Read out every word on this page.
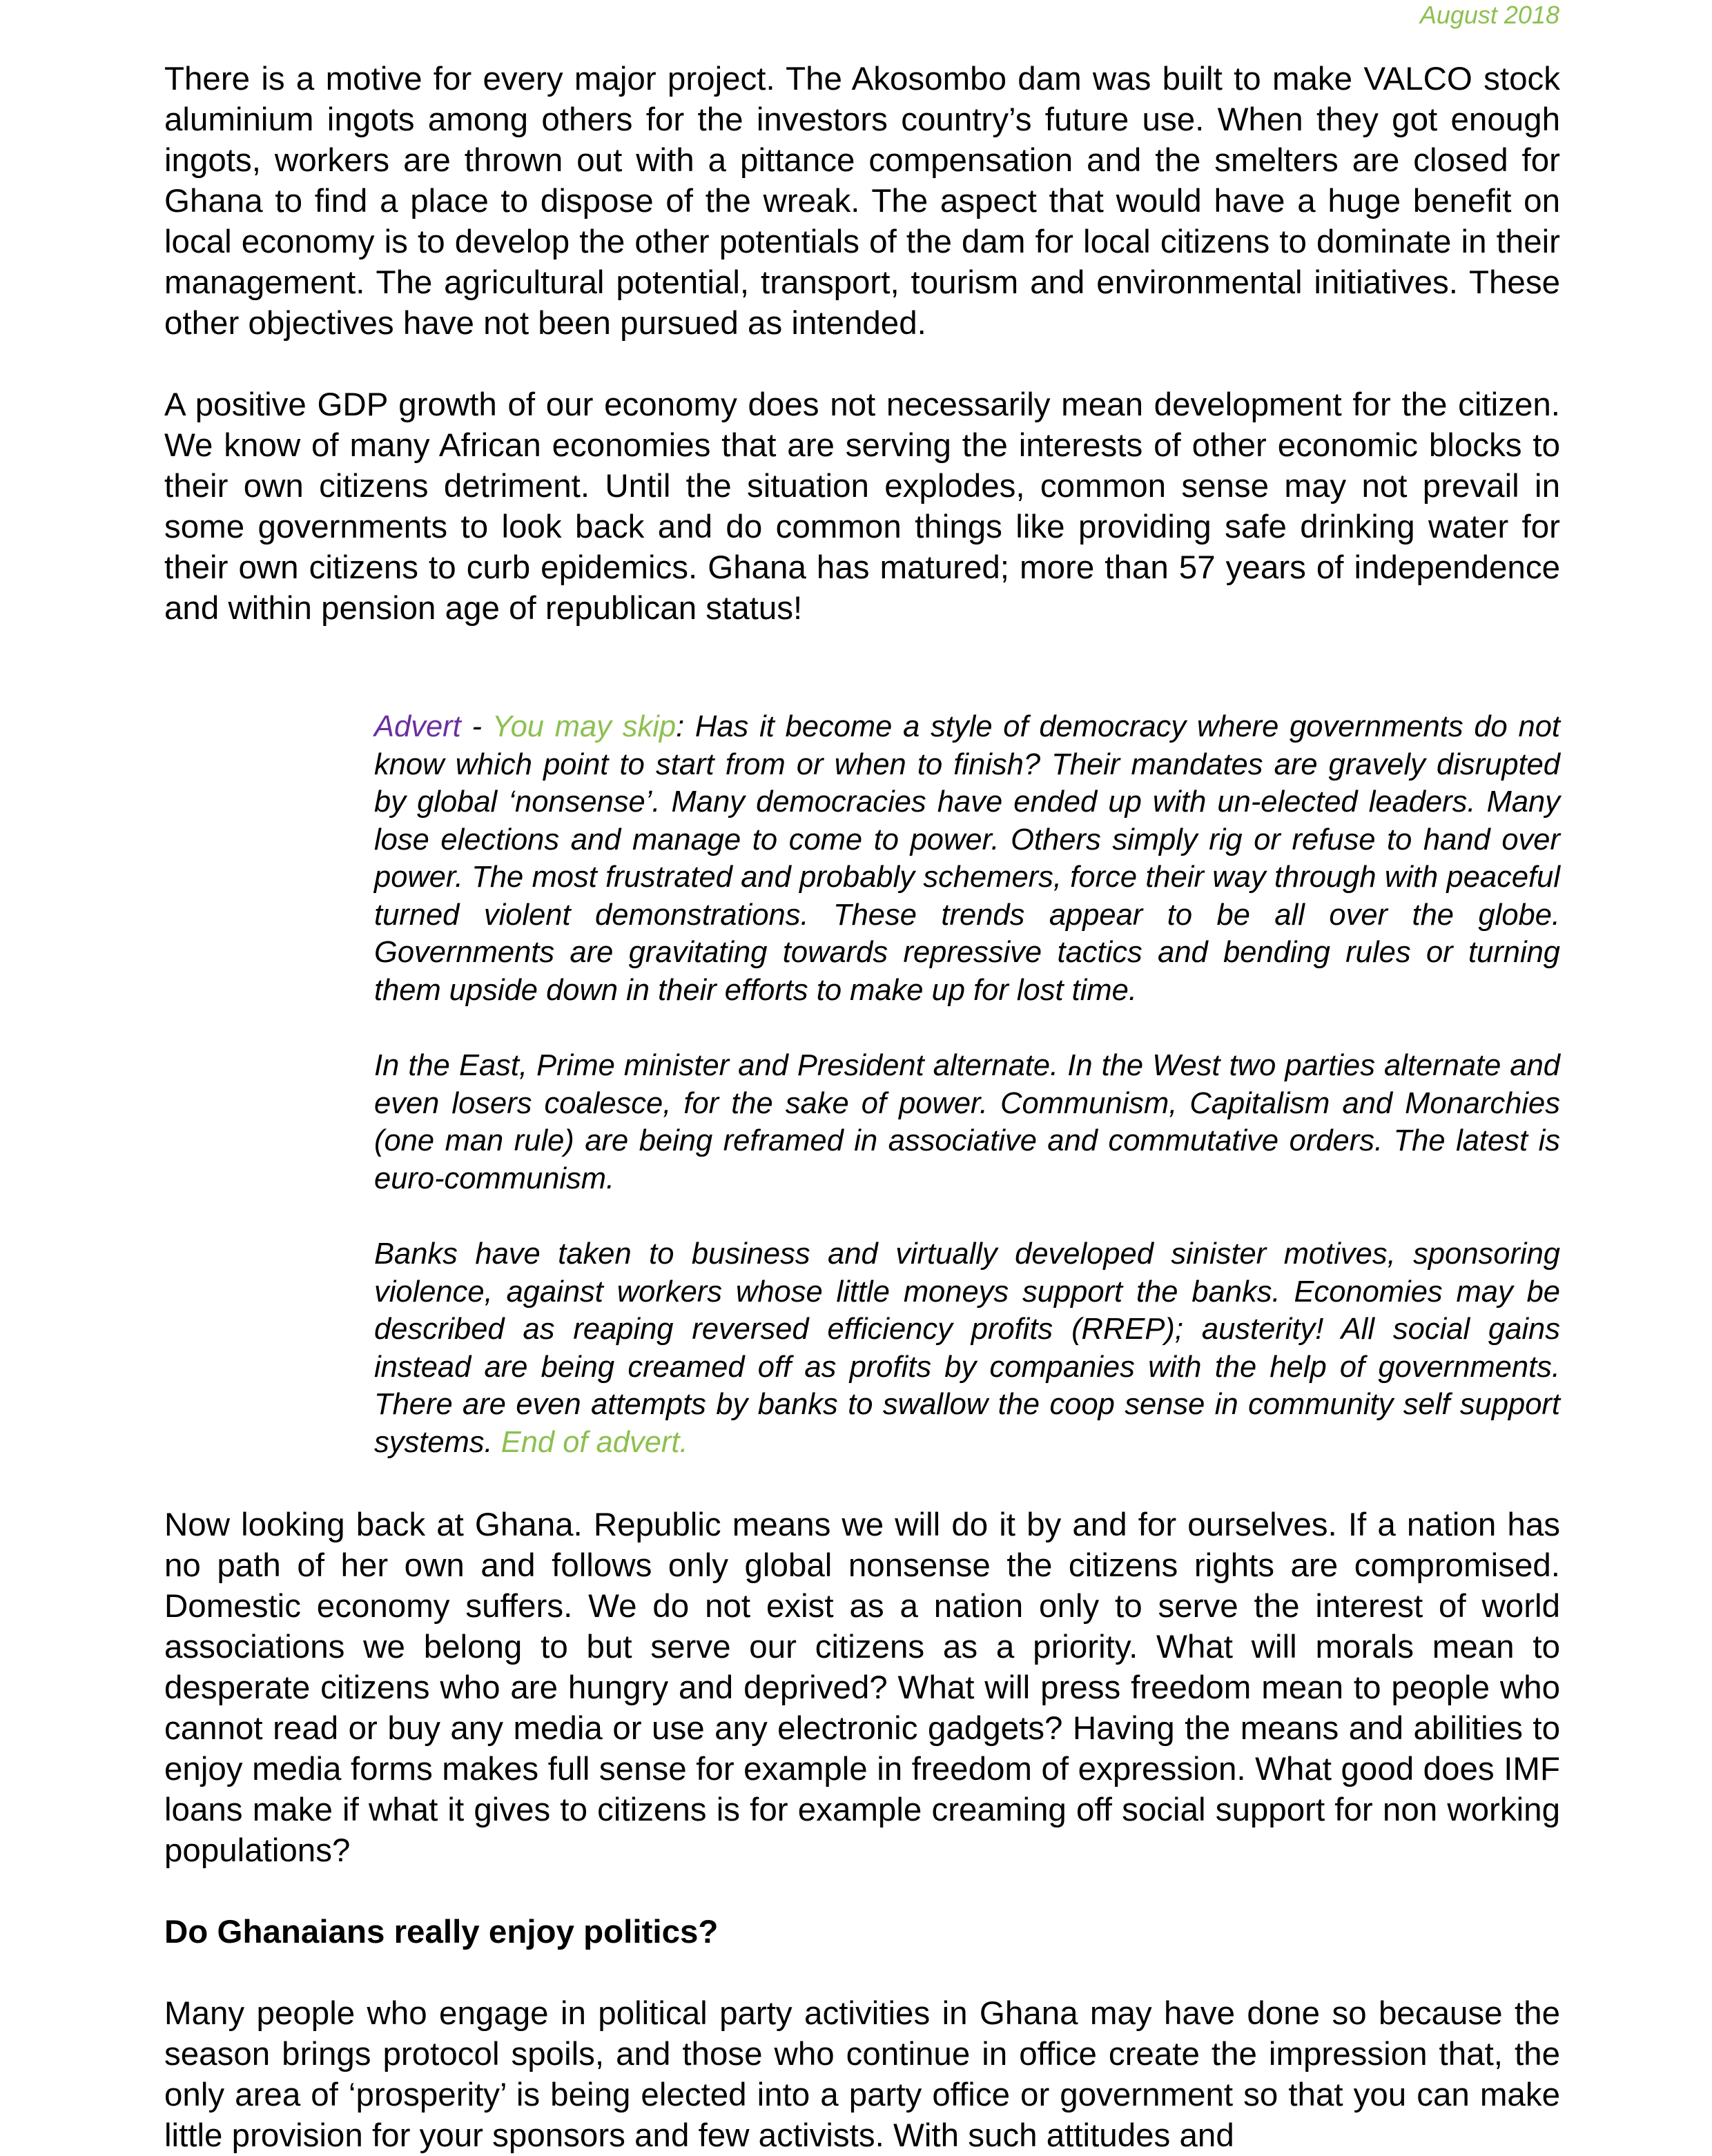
August 2018

There is a motive for every major project. The Akosombo dam was built to make VALCO stock aluminium ingots among others for the investors country’s future use. When they got enough ingots, workers are thrown out with a pittance compensation and the smelters are closed for Ghana to find a place to dispose of the wreak. The aspect that would have a huge benefit on local economy is to develop the other potentials of the dam for local citizens to dominate in their management. The agricultural potential, transport, tourism and environmental initiatives. These other objectives have not been pursued as intended.

A positive GDP growth of our economy does not necessarily mean development for the citizen. We know of many African economies that are serving the interests of other economic blocks to their own citizens detriment. Until the situation explodes, common sense may not prevail in some governments to look back and do common things like providing safe drinking water for their own citizens to curb epidemics. Ghana has matured; more than 57 years of independence and within pension age of republican status!

Advert - You may skip: Has it become a style of democracy where governments do not know which point to start from or when to finish? Their mandates are gravely disrupted by global ‘nonsense’. Many democracies have ended up with un-elected leaders. Many lose elections and manage to come to power. Others simply rig or refuse to hand over power. The most frustrated and probably schemers, force their way through with peaceful turned violent demonstrations. These trends appear to be all over the globe. Governments are gravitating towards repressive tactics and bending rules or turning them upside down in their efforts to make up for lost time.

In the East, Prime minister and President alternate. In the West two parties alternate and even losers coalesce, for the sake of power. Communism, Capitalism and Monarchies (one man rule) are being reframed in associative and commutative orders. The latest is euro-communism.

Banks have taken to business and virtually developed sinister motives, sponsoring violence, against workers whose little moneys support the banks. Economies may be described as reaping reversed efficiency profits (RREP); austerity! All social gains instead are being creamed off as profits by companies with the help of governments. There are even attempts by banks to swallow the coop sense in community self support systems. End of advert.

Now looking back at Ghana. Republic means we will do it by and for ourselves. If a nation has no path of her own and follows only global nonsense the citizens rights are compromised. Domestic economy suffers. We do not exist as a nation only to serve the interest of world associations we belong to but serve our citizens as a priority. What will morals mean to desperate citizens who are hungry and deprived? What will press freedom mean to people who cannot read or buy any media or use any electronic gadgets? Having the means and abilities to enjoy media forms makes full sense for example in freedom of expression. What good does IMF loans make if what it gives to citizens is for example creaming off social support for non working populations?

Do Ghanaians really enjoy politics?

Many people who engage in political party activities in Ghana may have done so because the season brings protocol spoils, and those who continue in office create the impression that, the only area of ‘prosperity’ is being elected into a party office or government so that you can make little provision for your sponsors and few activists. With such attitudes and
